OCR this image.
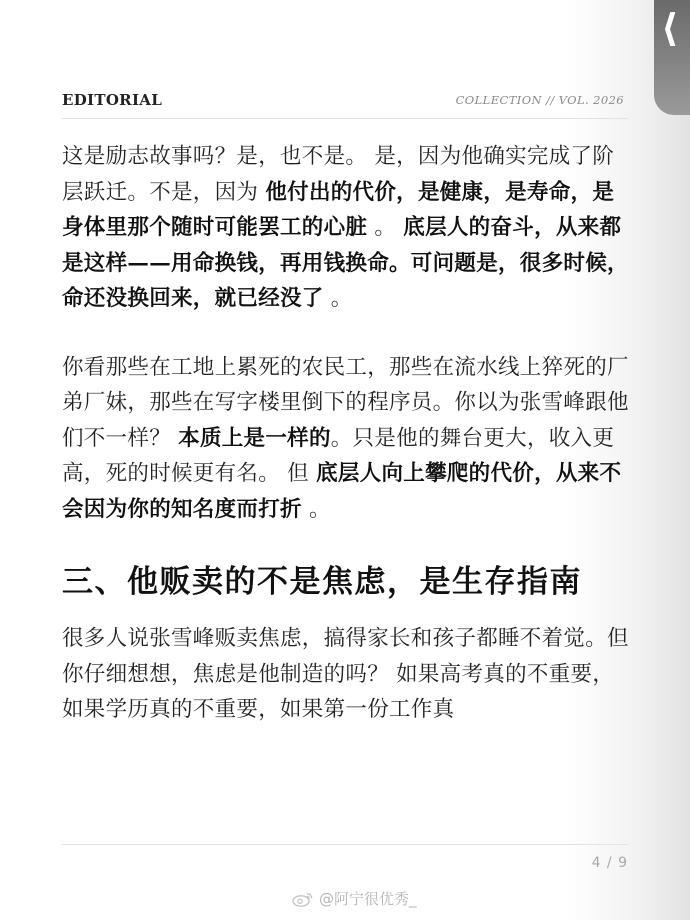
⟨
EDITORIAL	COLLECTION // VOL. 2026

这是励志故事吗？是，也不是。 是，因为他确实完成了阶层跃迁。不是，因为 他付出的代价，是健康，是寿命，是身体里那个随时可能罢工的心脏 。 底层人的奋斗，从来都是这样——用命换钱，再用钱换命。可问题是，很多时候，命还没换回来，就已经没了 。

你看那些在工地上累死的农民工，那些在流水线上猝死的厂弟厂妹，那些在写字楼里倒下的程序员。你以为张雪峰跟他们不一样？ 本质上是一样的。只是他的舞台更大，收入更高，死的时候更有名。 但 底层人向上攀爬的代价，从来不会因为你的知名度而打折 。

三、他贩卖的不是焦虑，是生存指南

很多人说张雪峰贩卖焦虑，搞得家长和孩子都睡不着觉。但你仔细想想，焦虑是他制造的吗？ 如果高考真的不重要，如果学历真的不重要，如果第一份工作真

4 / 9
@阿宁很优秀_
